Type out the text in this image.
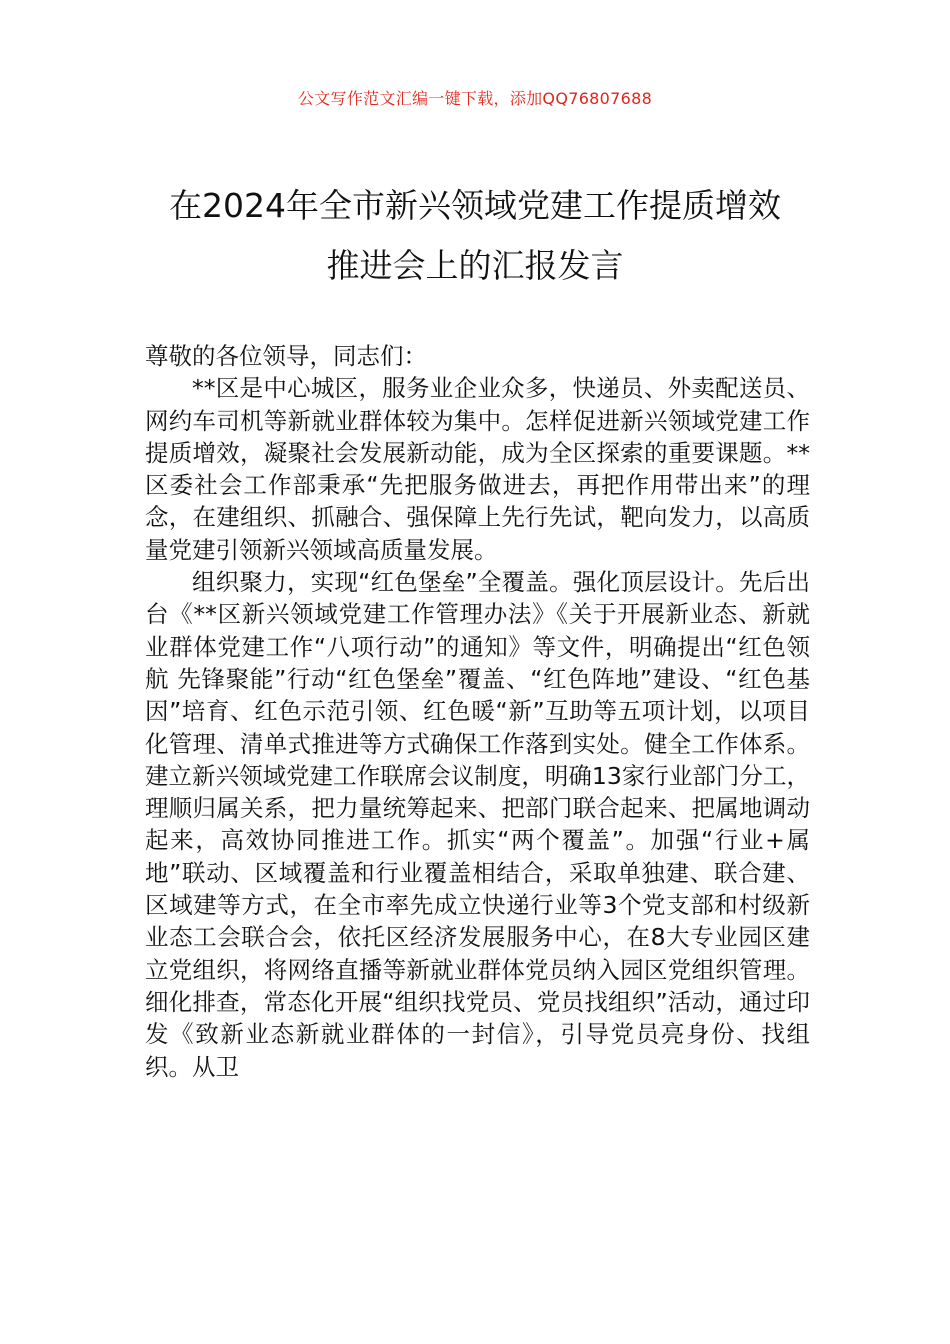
公文写作范文汇编一键下载，添加QQ76807688
在2024年全市新兴领域党建工作提质增效
推进会上的汇报发言

尊敬的各位领导，同志们：

**区是中心城区，服务业企业众多，快递员、外卖配送员、网约车司机等新就业群体较为集中。怎样促进新兴领域党建工作提质增效，凝聚社会发展新动能，成为全区探索的重要课题。**区委社会工作部秉承“先把服务做进去，再把作用带出来”的理念，在建组织、抓融合、强保障上先行先试，靶向发力，以高质量党建引领新兴领域高质量发展。

组织聚力，实现“红色堡垒”全覆盖。强化顶层设计。先后出台《**区新兴领域党建工作管理办法》《关于开展新业态、新就业群体党建工作“八项行动”的通知》等文件，明确提出“红色领航 先锋聚能”行动“红色堡垒”覆盖、“红色阵地”建设、“红色基因”培育、红色示范引领、红色暖“新”互助等五项计划，以项目化管理、清单式推进等方式确保工作落到实处。健全工作体系。建立新兴领域党建工作联席会议制度，明确13家行业部门分工，理顺归属关系，把力量统筹起来、把部门联合起来、把属地调动起来，高效协同推进工作。抓实“两个覆盖”。加强“行业+属地”联动、区域覆盖和行业覆盖相结合，采取单独建、联合建、区域建等方式，在全市率先成立快递行业等3个党支部和村级新业态工会联合会，依托区经济发展服务中心，在8大专业园区建立党组织，将网络直播等新就业群体党员纳入园区党组织管理。细化排查，常态化开展“组织找党员、党员找组织”活动，通过印发《致新业态新就业群体的一封信》，引导党员亮身份、找组织。从卫
